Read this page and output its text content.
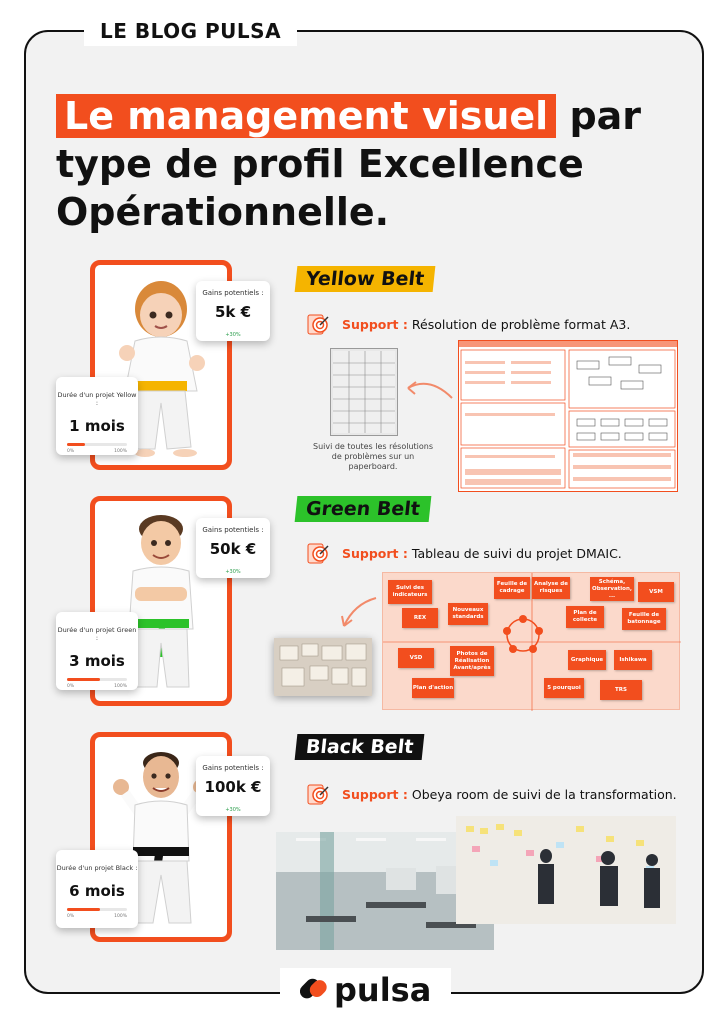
LE BLOG PULSA
Le management visuel par
type de profil Excellence
Opérationnelle.
Gains potentiels :
5k €
+30%
Durée d'un projet Yellow :
1 mois
0%	100%
Yellow Belt
Support : Résolution de problème format A3.
Suivi de toutes les résolutions de problèmes sur un paperboard.
Gains potentiels :
50k €
+30%
Durée d'un projet Green :
3 mois
0%	100%
Green Belt
Support : Tableau de suivi du projet DMAIC.
Suivi des indicateurs
Feuille de cadrage
Analyse de risques
Schéma, Observation, ...
VSM
Nouveaux standards
REX
Plan de collecte
Feuille de batonnage
VSD
Photos de Réalisation Avant/après
Graphique	Ishikawa
Plan d'action	5 pourquoi	TRS
Gains potentiels :
100k €
+30%
Durée d'un projet Black :
6 mois
0%	100%
Black Belt
Support : Obeya room de suivi de la transformation.
pulsa
